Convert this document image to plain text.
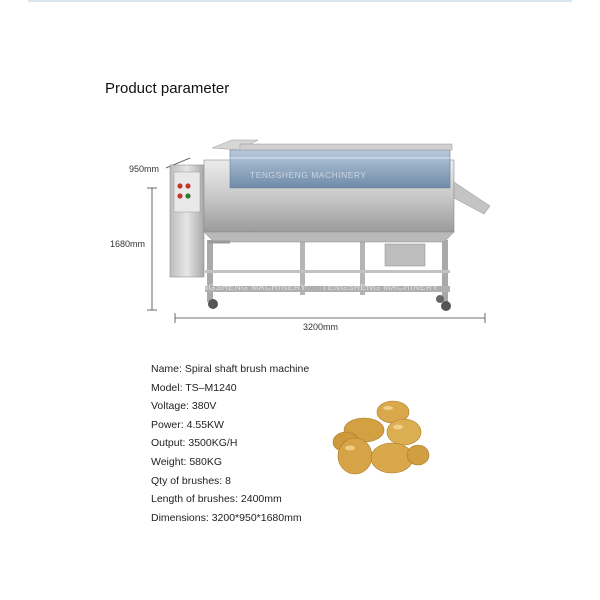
Product parameter
TENGSHENG MACHINERY
TENGSHENG MACHINERY TENGSHENG MACHINERY
950mm
1680mm
3200mm
Name: Spiral shaft brush machine
Model: TS–M1240
Voltage: 380V
Power: 4.55KW
Output: 3500KG/H
Weight: 580KG
Qty of brushes: 8
Length of brushes: 2400mm
Dimensions: 3200*950*1680mm
